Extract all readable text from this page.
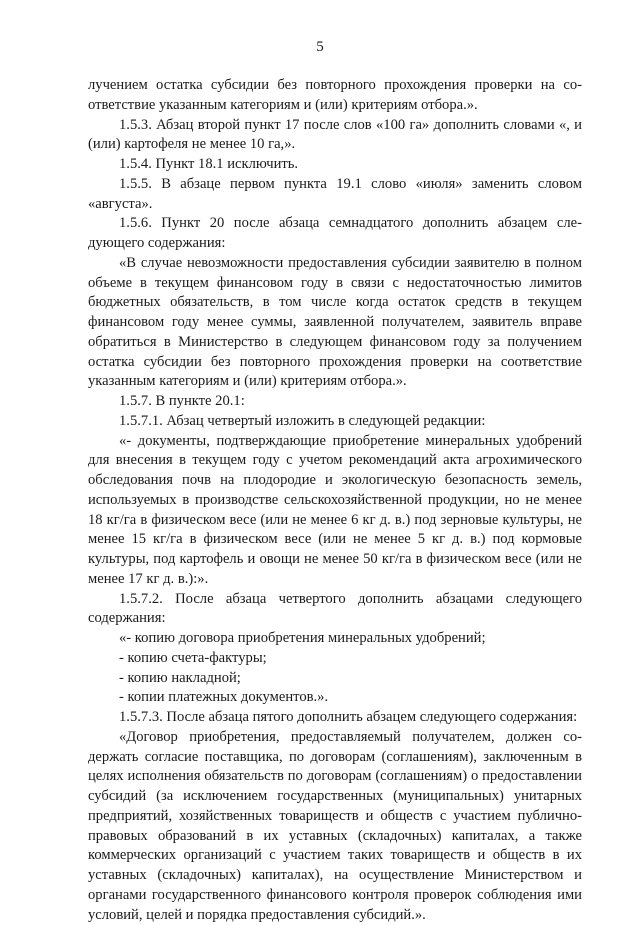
5

лучением остатка субсидии без повторного прохождения проверки на соответствие указанным категориям и (или) критериям отбора.».

1.5.3. Абзац второй пункт 17 после слов «100 га» дополнить словами «, и (или) картофеля не менее 10 га,».

1.5.4. Пункт 18.1 исключить.

1.5.5. В абзаце первом пункта 19.1 слово «июля» заменить словом «августа».

1.5.6. Пункт 20 после абзаца семнадцатого дополнить абзацем следующего содержания:

«В случае невозможности предоставления субсидии заявителю в полном объеме в текущем финансовом году в связи с недостаточностью лимитов бюджетных обязательств, в том числе когда остаток средств в текущем финансовом году менее суммы, заявленной получателем, заявитель вправе обратиться в Министерство в следующем финансовом году за получением остатка субсидии без повторного прохождения проверки на соответствие указанным категориям и (или) критериям отбора.».

1.5.7. В пункте 20.1:

1.5.7.1. Абзац четвертый изложить в следующей редакции:

«- документы, подтверждающие приобретение минеральных удобрений для внесения в текущем году с учетом рекомендаций акта агрохимического обследования почв на плодородие и экологическую безопасность земель, используемых в производстве сельскохозяйственной продукции, но не менее 18 кг/га в физическом весе (или не менее 6 кг д. в.) под зерновые культуры, не менее 15 кг/га в физическом весе (или не менее 5 кг д. в.) под кормовые культуры, под картофель и овощи не менее 50 кг/га в физическом весе (или не менее 17 кг д. в.):».

1.5.7.2. После абзаца четвертого дополнить абзацами следующего содержания:

«- копию договора приобретения минеральных удобрений;

- копию счета-фактуры;

- копию накладной;

- копии платежных документов.».

1.5.7.3. После абзаца пятого дополнить абзацем следующего содержания:

«Договор приобретения, предоставляемый получателем, должен содержать согласие поставщика, по договорам (соглашениям), заключенным в целях исполнения обязательств по договорам (соглашениям) о предоставлении субсидий (за исключением государственных (муниципальных) унитарных предприятий, хозяйственных товариществ и обществ с участием публично-правовых образований в их уставных (складочных) капиталах, а также коммерческих организаций с участием таких товариществ и обществ в их уставных (складочных) капиталах), на осуществление Министерством и органами государственного финансового контроля проверок соблюдения ими условий, целей и порядка предоставления субсидий.».
